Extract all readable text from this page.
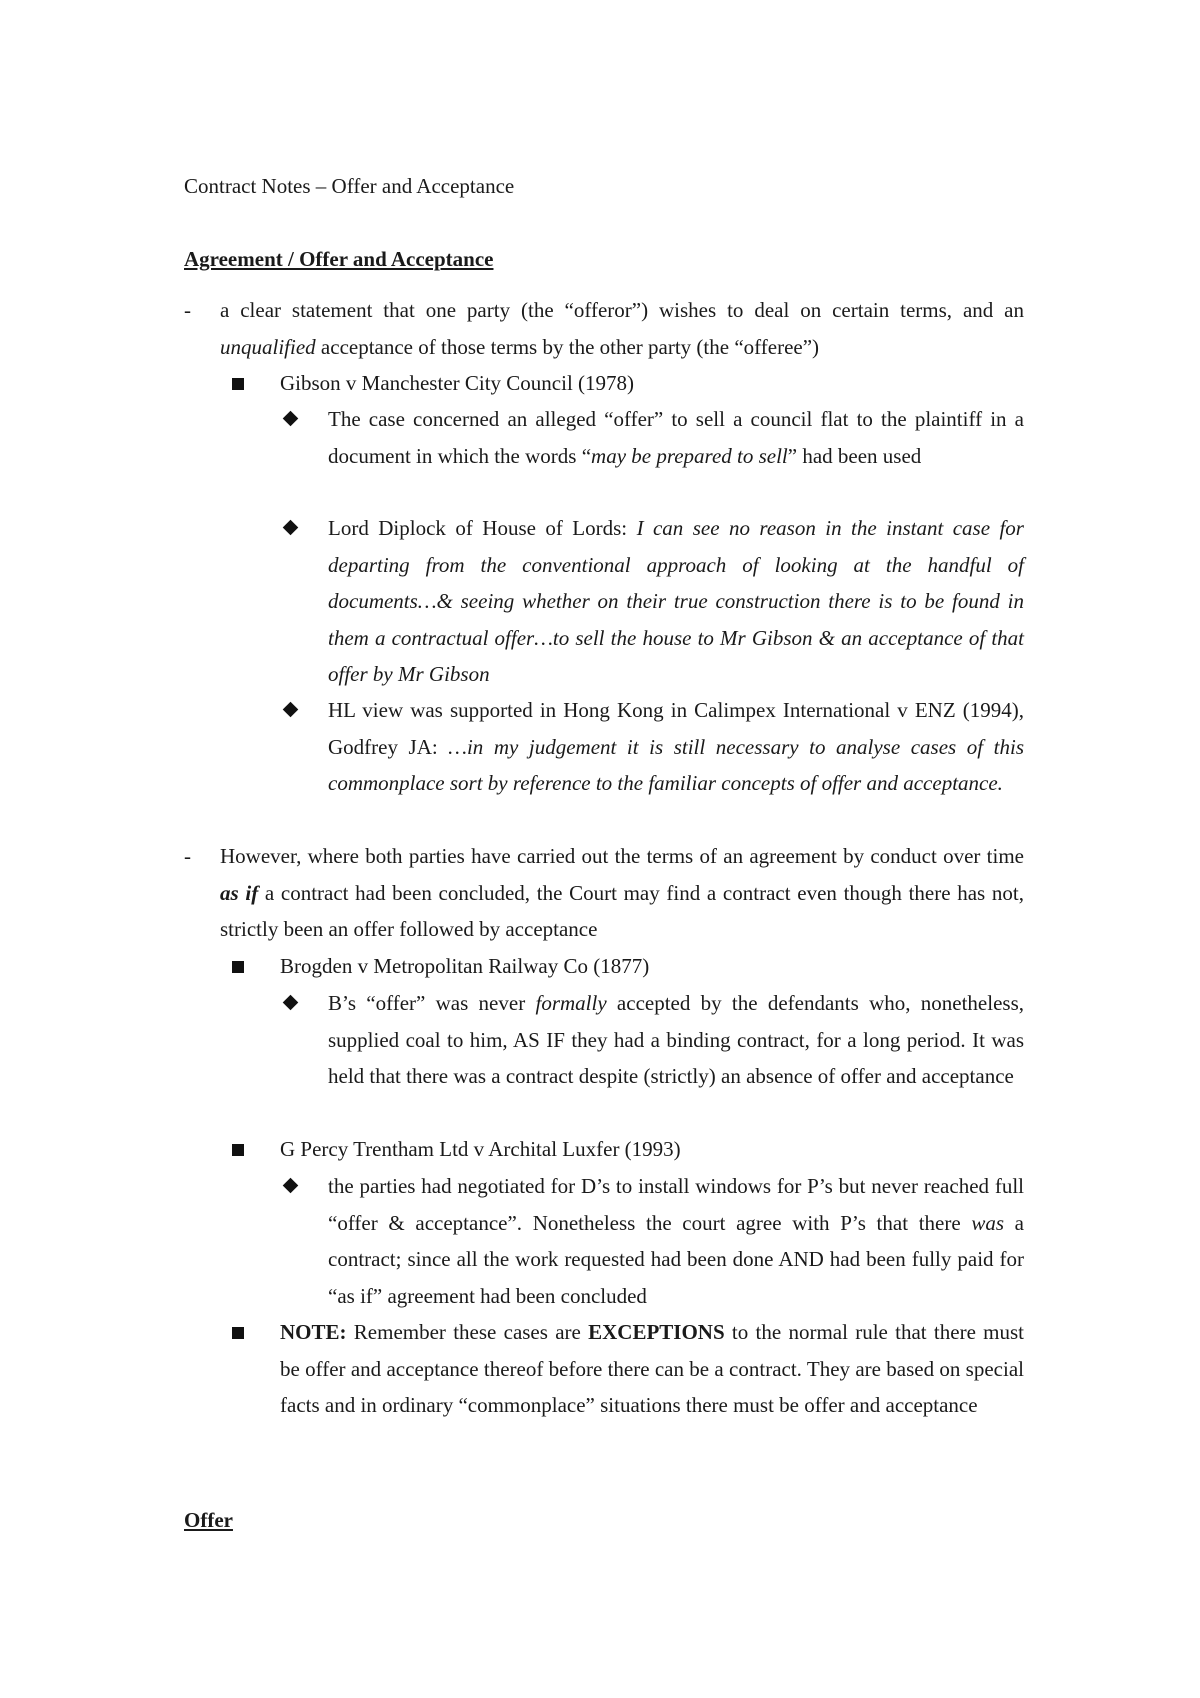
Contract Notes – Offer and Acceptance
Agreement / Offer and Acceptance
- a clear statement that one party (the “offeror”) wishes to deal on certain terms, and an unqualified acceptance of those terms by the other party (the “offeree”)
Gibson v Manchester City Council (1978)
The case concerned an alleged “offer” to sell a council flat to the plaintiff in a document in which the words “may be prepared to sell” had been used
Lord Diplock of House of Lords: I can see no reason in the instant case for departing from the conventional approach of looking at the handful of documents…& seeing whether on their true construction there is to be found in them a contractual offer…to sell the house to Mr Gibson & an acceptance of that offer by Mr Gibson
HL view was supported in Hong Kong in Calimpex International v ENZ (1994), Godfrey JA: …in my judgement it is still necessary to analyse cases of this commonplace sort by reference to the familiar concepts of offer and acceptance.
- However, where both parties have carried out the terms of an agreement by conduct over time as if a contract had been concluded, the Court may find a contract even though there has not, strictly been an offer followed by acceptance
Brogden v Metropolitan Railway Co (1877)
B’s “offer” was never formally accepted by the defendants who, nonetheless, supplied coal to him, AS IF they had a binding contract, for a long period. It was held that there was a contract despite (strictly) an absence of offer and acceptance
G Percy Trentham Ltd v Archital Luxfer (1993)
the parties had negotiated for D’s to install windows for P’s but never reached full “offer & acceptance”. Nonetheless the court agree with P’s that there was a contract; since all the work requested had been done AND had been fully paid for “as if” agreement had been concluded
NOTE: Remember these cases are EXCEPTIONS to the normal rule that there must be offer and acceptance thereof before there can be a contract. They are based on special facts and in ordinary “commonplace” situations there must be offer and acceptance
Offer
